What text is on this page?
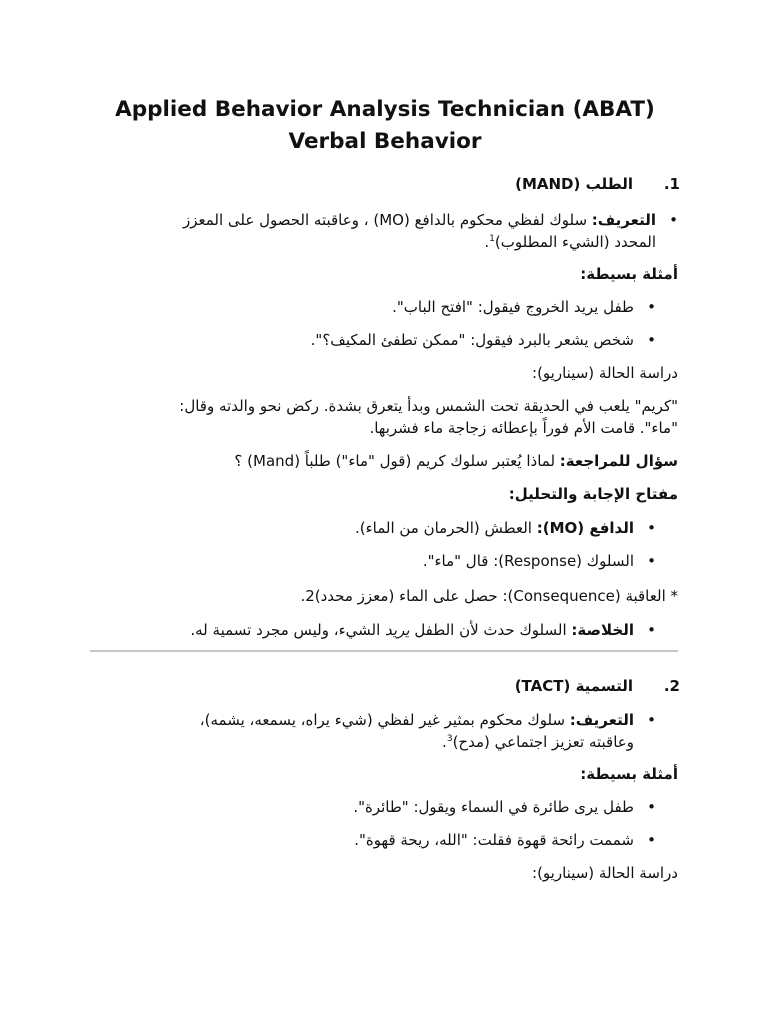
Applied Behavior Analysis Technician (ABAT) Verbal Behavior
.1
الطلب (MAND)
•
التعريف: سلوك لفظي محكوم بالدافع (MO) ، وعاقبته الحصول على المعزز
المحدد (الشيء المطلوب)$^1$.
أمثلة بسيطة:
•
طفل يريد الخروج فيقول: "افتح الباب".
•
شخص يشعر بالبرد فيقول: "ممكن تطفئ المكيف؟".
دراسة الحالة (سيناريو):
"كريم" يلعب في الحديقة تحت الشمس وبدأ يتعرق بشدة. ركض نحو والدته وقال:
"ماء". قامت الأم فوراً بإعطائه زجاجة ماء فشربها.
سؤال للمراجعة: لماذا يُعتبر سلوك كريم (قول "ماء") طلباً (Mand) ؟
مفتاح الإجابة والتحليل:
•
الدافع (MO): العطش (الحرمان من الماء).
•
السلوك (Response): قال "ماء".
* العاقبة (Consequence): حصل على الماء (معزز محدد)2.
•
الخلاصة: السلوك حدث لأن الطفل يريد الشيء، وليس مجرد تسمية له.
.2
التسمية (TACT)
•
التعريف: سلوك محكوم بمثير غير لفظي (شيء يراه، يسمعه، يشمه)،
وعاقبته تعزيز اجتماعي (مدح)$^3$.
أمثلة بسيطة:
•
طفل يرى طائرة في السماء ويقول: "طائرة".
•
شممت رائحة قهوة فقلت: "الله، ريحة قهوة".
دراسة الحالة (سيناريو):
